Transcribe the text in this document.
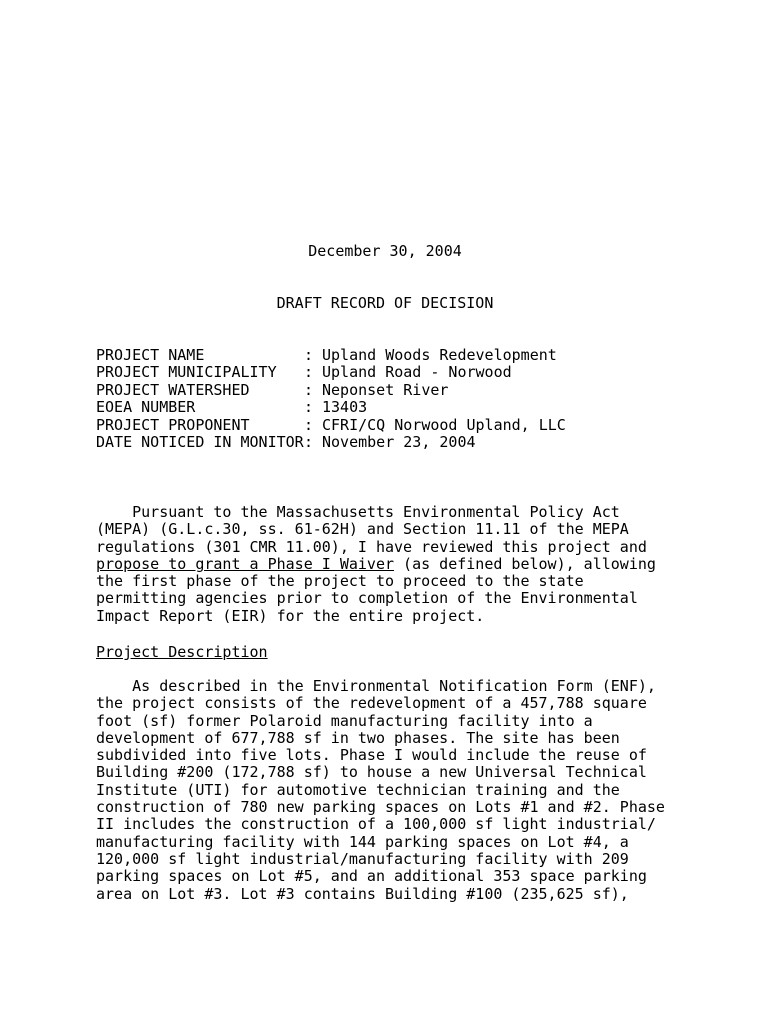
December 30, 2004
DRAFT RECORD OF DECISION
PROJECT NAME	: Upland Woods Redevelopment
PROJECT MUNICIPALITY	: Upland Road - Norwood
PROJECT WATERSHED	: Neponset River
EOEA NUMBER	: 13403
PROJECT PROPONENT	: CFRI/CQ Norwood Upland, LLC
DATE NOTICED IN MONITOR : November 23, 2004
Pursuant to the Massachusetts Environmental Policy Act
(MEPA) (G.L.c.30, ss. 61-62H) and Section 11.11 of the MEPA
regulations (301 CMR 11.00), I have reviewed this project and
propose to grant a Phase I Waiver (as defined below), allowing
the first phase of the project to proceed to the state
permitting agencies prior to completion of the Environmental
Impact Report (EIR) for the entire project.
Project Description
As described in the Environmental Notification Form (ENF),
the project consists of the redevelopment of a 457,788 square
foot (sf) former Polaroid manufacturing facility into a
development of 677,788 sf in two phases. The site has been
subdivided into five lots. Phase I would include the reuse of
Building #200 (172,788 sf) to house a new Universal Technical
Institute (UTI) for automotive technician training and the
construction of 780 new parking spaces on Lots #1 and #2. Phase
II includes the construction of a 100,000 sf light industrial/
manufacturing facility with 144 parking spaces on Lot #4, a
120,000 sf light industrial/manufacturing facility with 209
parking spaces on Lot #5, and an additional 353 space parking
area on Lot #3. Lot #3 contains Building #100 (235,625 sf),
